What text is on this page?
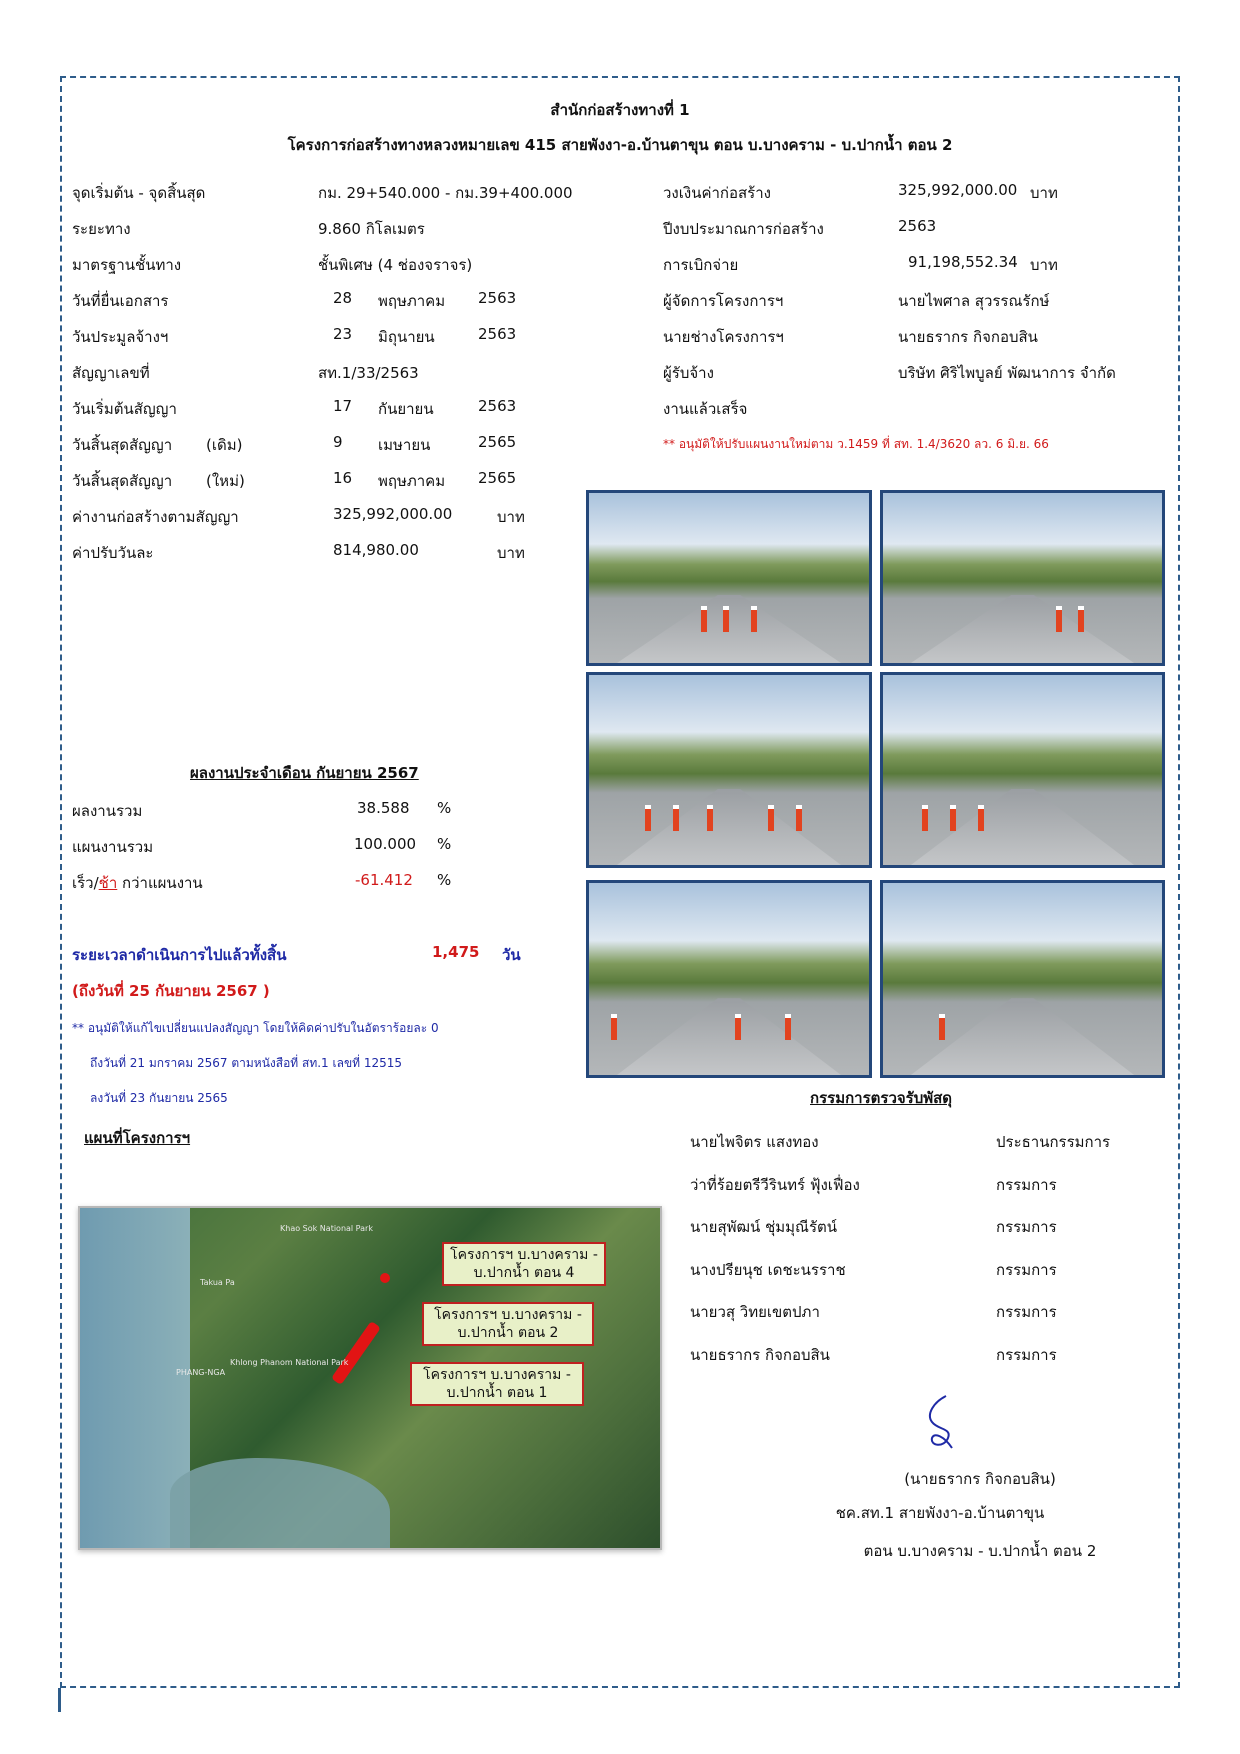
สำนักก่อสร้างทางที่ 1
โครงการก่อสร้างทางหลวงหมายเลข 415 สายพังงา-อ.บ้านตาขุน ตอน บ.บางคราม - บ.ปากน้ำ ตอน 2
จุดเริ่มต้น - จุดสิ้นสุด	กม. 29+540.000 - กม.39+400.000
ระยะทาง	9.860 กิโลเมตร
มาตรฐานชั้นทาง	ชั้นพิเศษ (4 ช่องจราจร)
วันที่ยื่นเอกสาร	28 พฤษภาคม 2563
วันประมูลจ้างฯ	23 มิถุนายน	2563
สัญญาเลขที่	สท.1/33/2563
วันเริ่มต้นสัญญา	17 กันยายน	2563
วันสิ้นสุดสัญญา (เดิม)	9 เมษายน	2565
วันสิ้นสุดสัญญา (ใหม่)	16 พฤษภาคม 2565
ค่างานก่อสร้างตามสัญญา	325,992,000.00	บาท
ค่าปรับวันละ	814,980.00	บาท
วงเงินค่าก่อสร้าง	325,992,000.00 บาท
ปีงบประมาณการก่อสร้าง	2563
การเบิกจ่าย	91,198,552.34 บาท
ผู้จัดการโครงการฯ	นายไพศาล สุวรรณรักษ์
นายช่างโครงการฯ	นายธรากร กิจกอบสิน
ผู้รับจ้าง	บริษัท ศิริไพบูลย์ พัฒนาการ จำกัด
งานแล้วเสร็จ
** อนุมัติให้ปรับแผนงานใหม่ตาม ว.1459 ที่ สท. 1.4/3620 ลว. 6 มิ.ย. 66
ผลงานประจำเดือน กันยายน 2567
ผลงานรวม	38.588 %
แผนงานรวม	100.000 %
เร็ว/ช้า กว่าแผนงาน	-61.412 %
ระยะเวลาดำเนินการไปแล้วทั้งสิ้น	1,475 วัน
(ถึงวันที่ 25 กันยายน 2567 )
** อนุมัติให้แก้ไขเปลี่ยนแปลงสัญญา โดยให้คิดค่าปรับในอัตราร้อยละ 0
ถึงวันที่ 21 มกราคม 2567 ตามหนังสือที่ สท.1 เลขที่ 12515
ลงวันที่ 23 กันยายน 2565
แผนที่โครงการฯ
Khao Sok National Park
Khlong Phanom National Park
PHANG-NGA
Takua Pa
โครงการฯ บ.บางคราม - บ.ปากน้ำ ตอน 4
โครงการฯ บ.บางคราม - บ.ปากน้ำ ตอน 2
โครงการฯ บ.บางคราม - บ.ปากน้ำ ตอน 1
กรรมการตรวจรับพัสดุ
นายไพจิตร แสงทอง	ประธานกรรมการ
ว่าที่ร้อยตรีวีรินทร์ ฟุ้งเฟื่อง	กรรมการ
นายสุพัฒน์ ชุ่มมุณีรัตน์	กรรมการ
นางปรียนุช เดชะนรราช	กรรมการ
นายวสุ วิทยเขตปภา	กรรมการ
นายธรากร กิจกอบสิน	กรรมการ
(นายธรากร กิจกอบสิน)
ชค.สท.1 สายพังงา-อ.บ้านตาขุน
ตอน บ.บางคราม - บ.ปากน้ำ ตอน 2
